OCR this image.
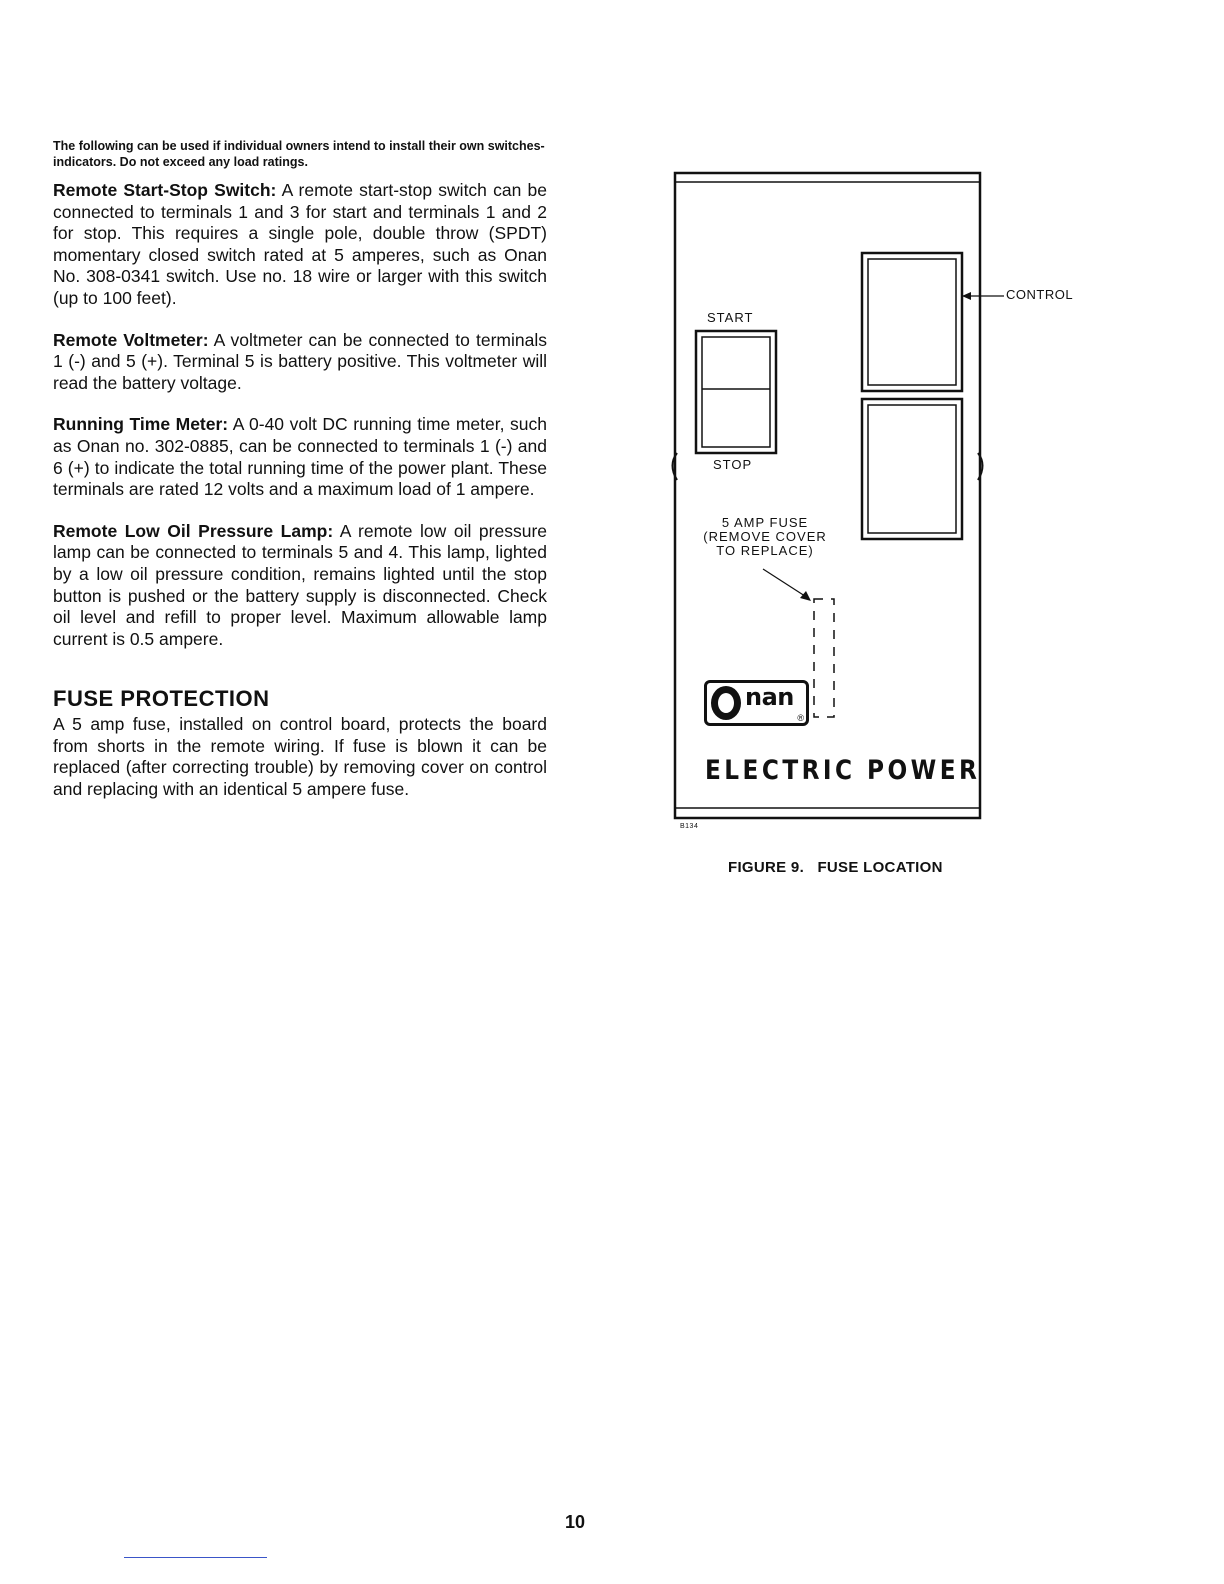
The following can be used if individual owners intend to install their own switches-indicators. Do not exceed any load ratings.

Remote Start-Stop Switch: A remote start-stop switch can be connected to terminals 1 and 3 for start and terminals 1 and 2 for stop. This requires a single pole, double throw (SPDT) momentary closed switch rated at 5 amperes, such as Onan No. 308-0341 switch. Use no. 18 wire or larger with this switch (up to 100 feet).

Remote Voltmeter: A voltmeter can be connected to terminals 1 (-) and 5 (+). Terminal 5 is battery positive. This voltmeter will read the battery voltage.

Running Time Meter: A 0-40 volt DC running time meter, such as Onan no. 302-0885, can be connected to terminals 1 (-) and 6 (+) to indicate the total running time of the power plant. These terminals are rated 12 volts and a maximum load of 1 ampere.

Remote Low Oil Pressure Lamp: A remote low oil pressure lamp can be connected to terminals 5 and 4. This lamp, lighted by a low oil pressure condition, remains lighted until the stop button is pushed or the battery supply is disconnected. Check oil level and refill to proper level. Maximum allowable lamp current is 0.5 ampere.

FUSE PROTECTION

A 5 amp fuse, installed on control board, protects the board from shorts in the remote wiring. If fuse is blown it can be replaced (after correcting trouble) by removing cover on control and replacing with an identical 5 ampere fuse.

START
STOP
CONTROL
5 AMP FUSE
(REMOVE COVER
TO REPLACE)
nan
®
ELECTRIC POWER
B134
FIGURE 9. FUSE LOCATION
10
